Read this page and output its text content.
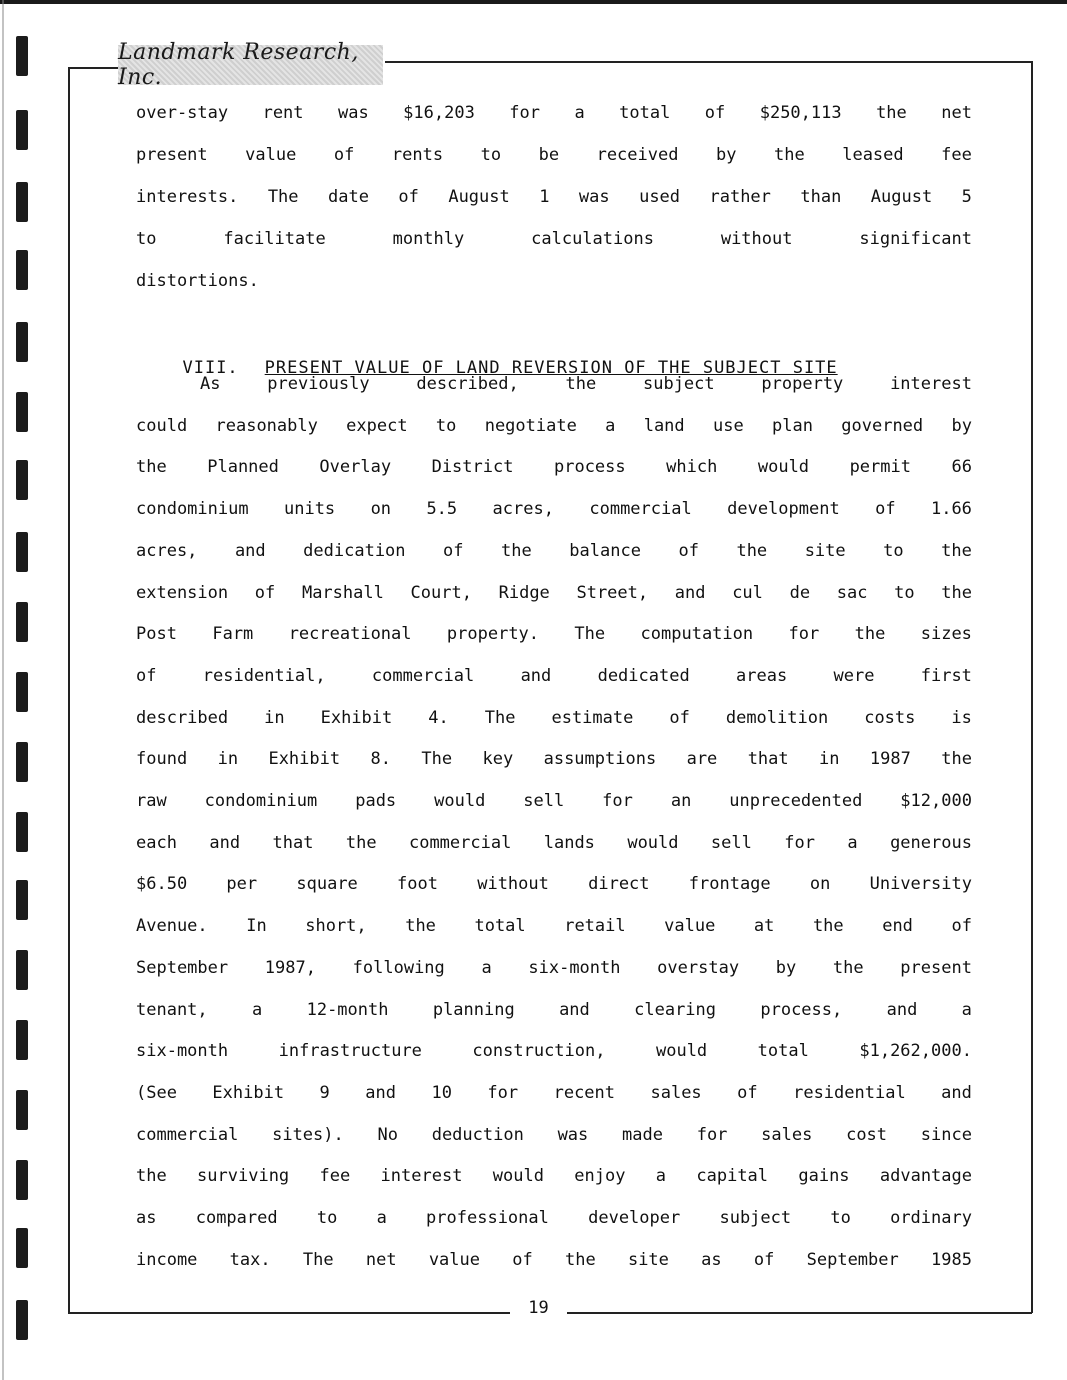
Landmark Research, Inc.
over-stay rent was $16,203 for a total of $250,113 the net
present value of rents to be received by the leased fee
interests. The date of August 1 was used rather than August 5
to	facilitate	monthly	calculations	without	significant
distortions.

VIII. PRESENT VALUE OF LAND REVERSION OF THE SUBJECT SITE

As	previously	described,	the	subject	property	interest
could reasonably expect to negotiate a land use plan governed by
the Planned Overlay District process which would permit 66
condominium units on 5.5 acres, commercial development of 1.66
acres, and dedication of the balance of the site to the
extension of Marshall Court, Ridge Street, and cul de sac to the
Post Farm recreational property. The computation for the sizes
of	residential,	commercial	and	dedicated	areas	were	first
described in Exhibit 4. The estimate of demolition costs is
found in Exhibit 8. The key assumptions are that in 1987 the
raw condominium pads would sell for an unprecedented $12,000
each and that the commercial lands would sell for a generous
$6.50 per square foot without direct frontage on University
Avenue. In short, the total retail value at the end of
September 1987, following a six-month overstay by the present
tenant,	a	12-month	planning	and	clearing	process,	and	a
six-month	infrastructure	construction,	would	total	$1,262,000.
(See Exhibit 9 and 10 for recent sales of residential and
commercial sites). No deduction was made for sales cost since
the surviving fee interest would enjoy a capital gains advantage
as compared to a professional developer subject to ordinary
income tax. The net value of the site as of September 1985
19
